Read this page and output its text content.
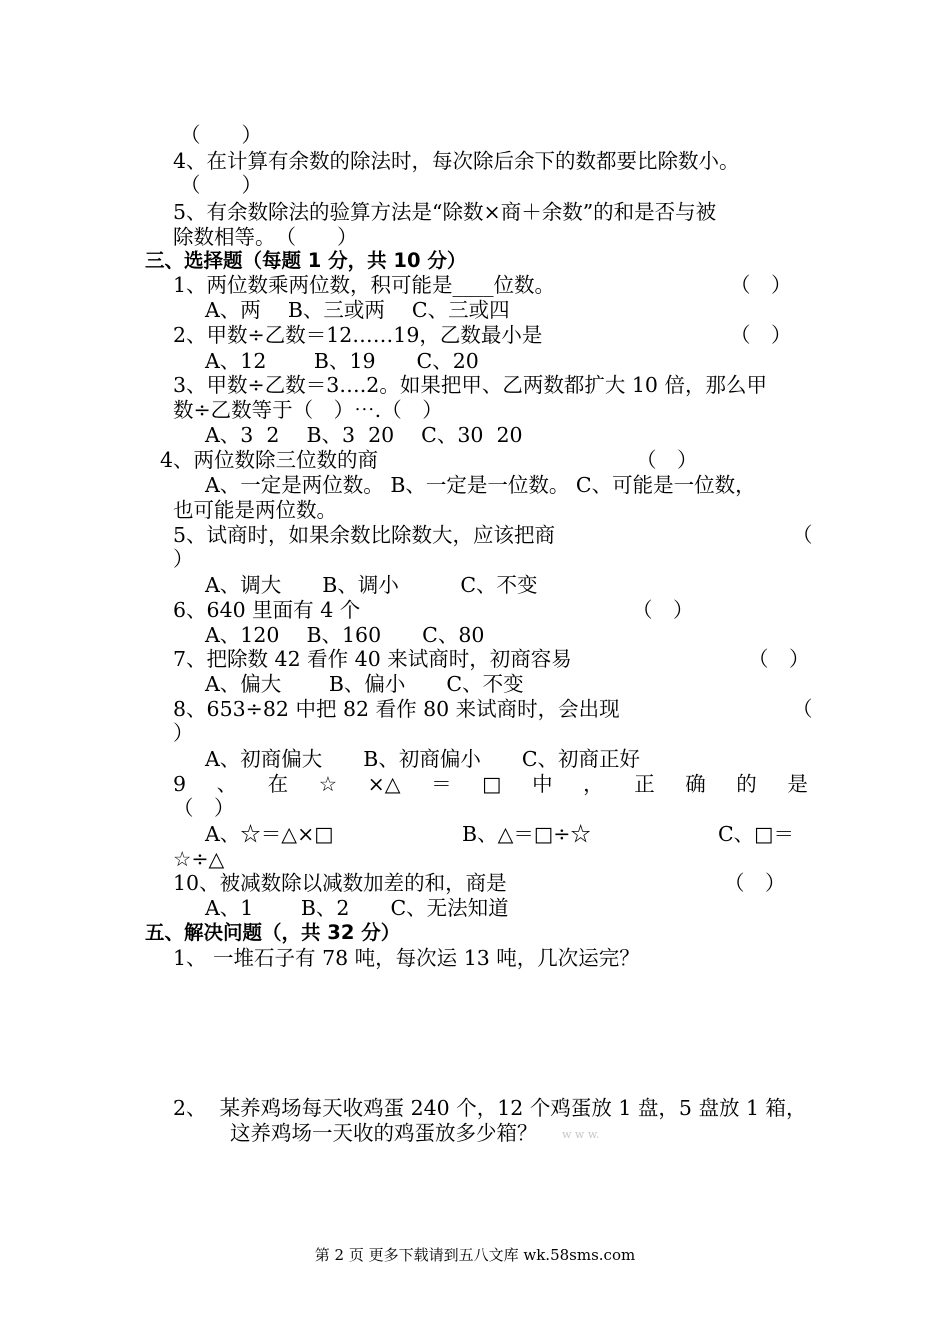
（　　）
4、在计算有余数的除法时，每次除后余下的数都要比除数小。
（　　）
5、有余数除法的验算方法是“除数×商＋余数”的和是否与被
除数相等。　（　　）
三、选择题（每题 1 分，共 10 分）
1、两位数乘两位数，积可能是____位数。	（　）
A、两　 B、三或两　 C、三或四
2、甲数÷乙数＝12……19，乙数最小是	（　）
A、12　　 B、19　　C、20
3、甲数÷乙数＝3….2。如果把甲、乙两数都扩大 10 倍，那么甲
数÷乙数等于（　）⋯.（　）
A、3  2　 B、3  20　 C、30  20
4、两位数除三位数的商	（　）
A、一定是两位数。 B、一定是一位数。 C、可能是一位数，
也可能是两位数。
5、试商时，如果余数比除数大，应该把商	（
）
A、调大　　B、调小　　　C、不变
6、640 里面有 4 个	（　）
A、120　 B、160　　C、80
7、把除数 42 看作 40 来试商时，初商容易	（　）
A、偏大　　 B、偏小　　C、不变
8、653÷82 中把 82 看作 80 来试商时，会出现	（
）
A、初商偏大　　B、初商偏小　　C、初商正好
9 、 在 ☆ ×△ ＝ □ 中 ， 正 确 的 是
（　）
A、☆＝△×□	B、△＝□÷☆	C、□＝
☆÷△
10、被减数除以减数加差的和，商是	（　）
A、1　　 B、2　　C、无法知道
五、解决问题（，共 32 分）
1、 一堆石子有 78 吨，每次运 13 吨，几次运完？
2、  某养鸡场每天收鸡蛋 240 个，12 个鸡蛋放 1 盘，5 盘放 1 箱，
这养鸡场一天收的鸡蛋放多少箱？ w w w.
第 2 页 更多下载请到五八文库 wk.58sms.com
